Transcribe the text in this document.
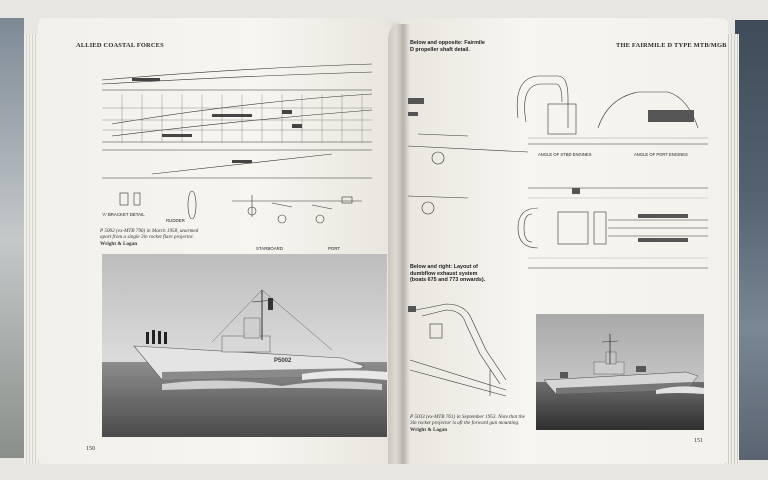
ALLIED COASTAL FORCES
'A' BRACKET DETAIL
RUDDER
STARBOARD	PORT
P 5002 (ex-MTB 796) in March 1958, unarmed apart from a single 3in rocket flare projector. Wright & Logan
P5002
150
Below and opposite: Fairmile D propeller shaft detail.
THE FAIRMILE D TYPE MTB/MGB
ANGLE OF STBD ENGINES	ANGLE OF PORT ENGINES
Below and right: Layout of dumbflow exhaust system (boats 675 and 773 onwards).
P 5033 (ex-MTB 761) in September 1953. Note that the 3in rocket projector is aft the forward gun mounting. Wright & Logan
151
